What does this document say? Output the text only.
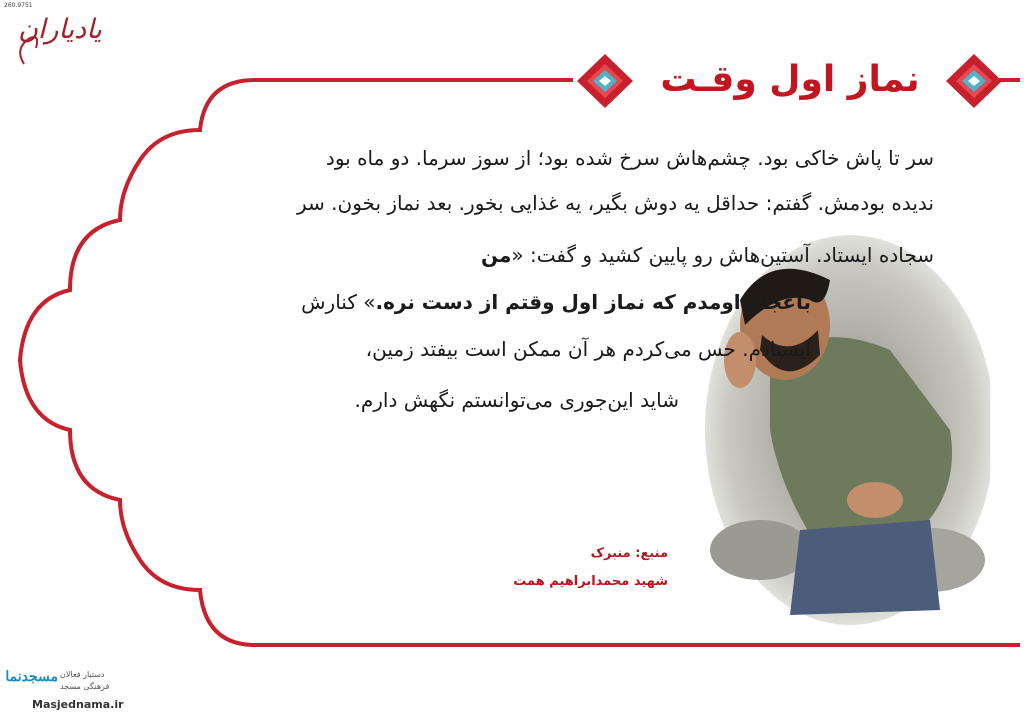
260.9751
یادیاران
نماز اول وقـت
سر تا پاش خاکی بود. چشم‌هاش سرخ شده بود؛ از سوز سرما. دو ماه بود
ندیده بودمش. گفتم: حداقل یه دوش بگیر، یه غذایی بخور. بعد نماز بخون. سر
سجاده ایستاد. آستین‌هاش رو پایین کشید و گفت: «من
باعجله اومدم که نماز اول وقتم از دست نره.» کنارش
ایستادم. حس می‌کردم هر آن ممکن است بیفتد زمین،
شاید این‌جوری می‌توانستم نگهش دارم.
منبع: منبرک
شهید محمدابراهیم همت
مسجدنما دستیار فعالان
فرهنگی مسجد
Masjednama.ir
